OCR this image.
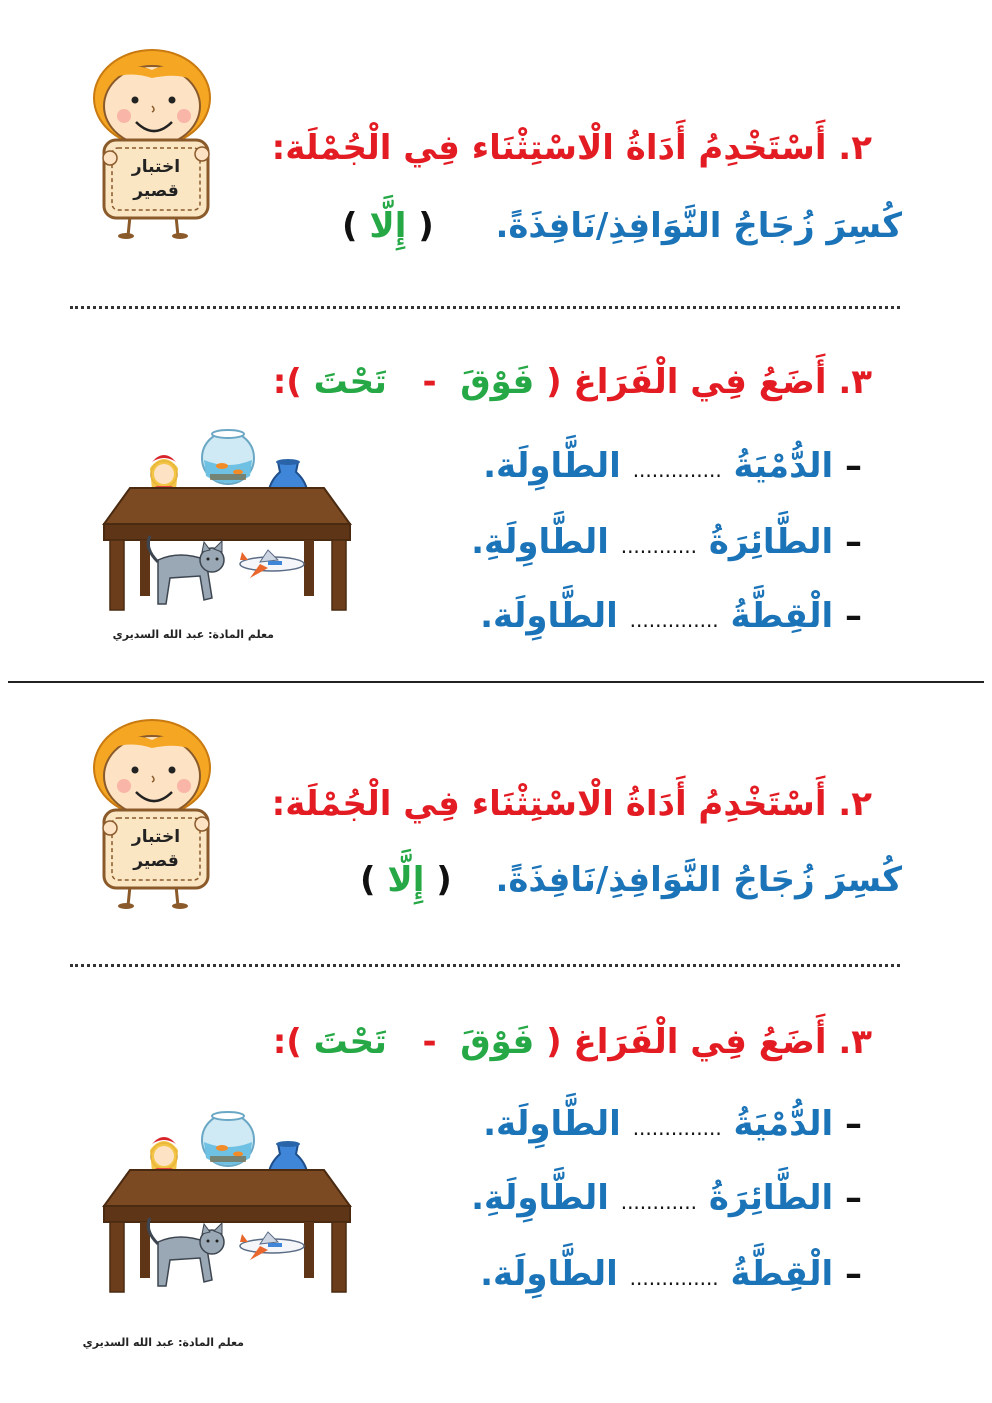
اختبار
قصير
٢. أَسْتَخْدِمُ أَدَاةُ الْاسْتِثْنَاء فِي الْجُمْلَة:
كُسِرَ زُجَاجُ النَّوَافِذِ/نَافِذَةً.  ( إِلَّا )
٣. أَضَعُ فِي الْفَرَاغ ( فَوْقَ  -   تَحْتَ ):
– الدُّمْيَةُ .............. الطَّاوِلَة.
– الطَّائِرَةُ ............ الطَّاوِلَةِ.
– الْقِطَّةُ .............. الطَّاوِلَة.
معلم المادة: عبد الله السديري
اختبار
قصير
٢. أَسْتَخْدِمُ أَدَاةُ الْاسْتِثْنَاء فِي الْجُمْلَة:
كُسِرَ زُجَاجُ النَّوَافِذِ/نَافِذَةً.  ( إِلَّا )
٣. أَضَعُ فِي الْفَرَاغ ( فَوْقَ  -   تَحْتَ ):
– الدُّمْيَةُ .............. الطَّاوِلَة.
– الطَّائِرَةُ ............ الطَّاوِلَةِ.
– الْقِطَّةُ .............. الطَّاوِلَة.
معلم المادة: عبد الله السديري
